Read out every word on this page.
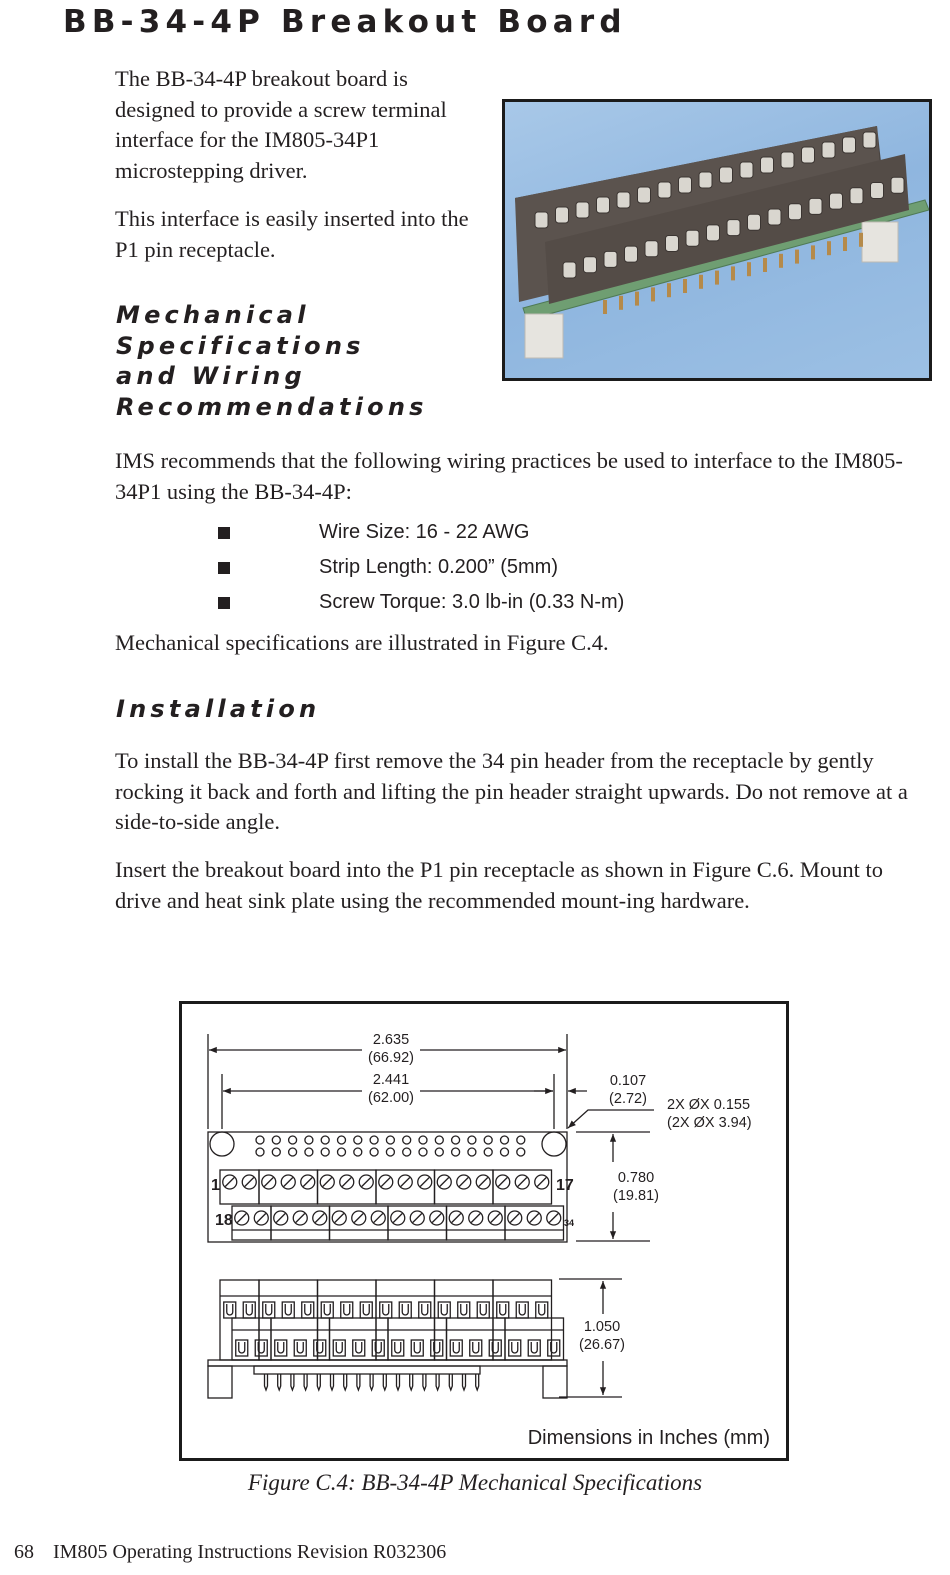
BB-34-4P Breakout Board

The BB-34-4P breakout board is designed to provide a screw terminal interface for the IM805-34P1 microstepping driver.

This interface is easily inserted into the P1 pin receptacle.

Mechanical
Specifications
and Wiring
Recommendations

IMS recommends that the following wiring practices be used to interface to the IM805-34P1 using the BB-34-4P:

Wire Size: 16 - 22 AWG
Strip Length: 0.200” (5mm)
Screw Torque: 3.0 lb-in (0.33 N-m)

Mechanical specifications are illustrated in Figure C.4.

Installation

To install the BB-34-4P first remove the 34 pin header from the receptacle by gently rocking it back and forth and lifting the pin header straight upwards. Do not remove at a side-to-side angle.

Insert the breakout board into the P1 pin receptacle as shown in Figure C.6. Mount to drive and heat sink plate using the recommended mount-ing hardware.

2.635
(66.92)
2.441
(62.00)
0.107
(2.72) 2X ØX 0.155
(2X ØX 3.94)
0.780
(19.81)
1.050
(26.67)
1	17
18	34
Dimensions in Inches (mm)
Figure C.4: BB-34-4P Mechanical Specifications
68 IM805 Operating Instructions Revision R032306
